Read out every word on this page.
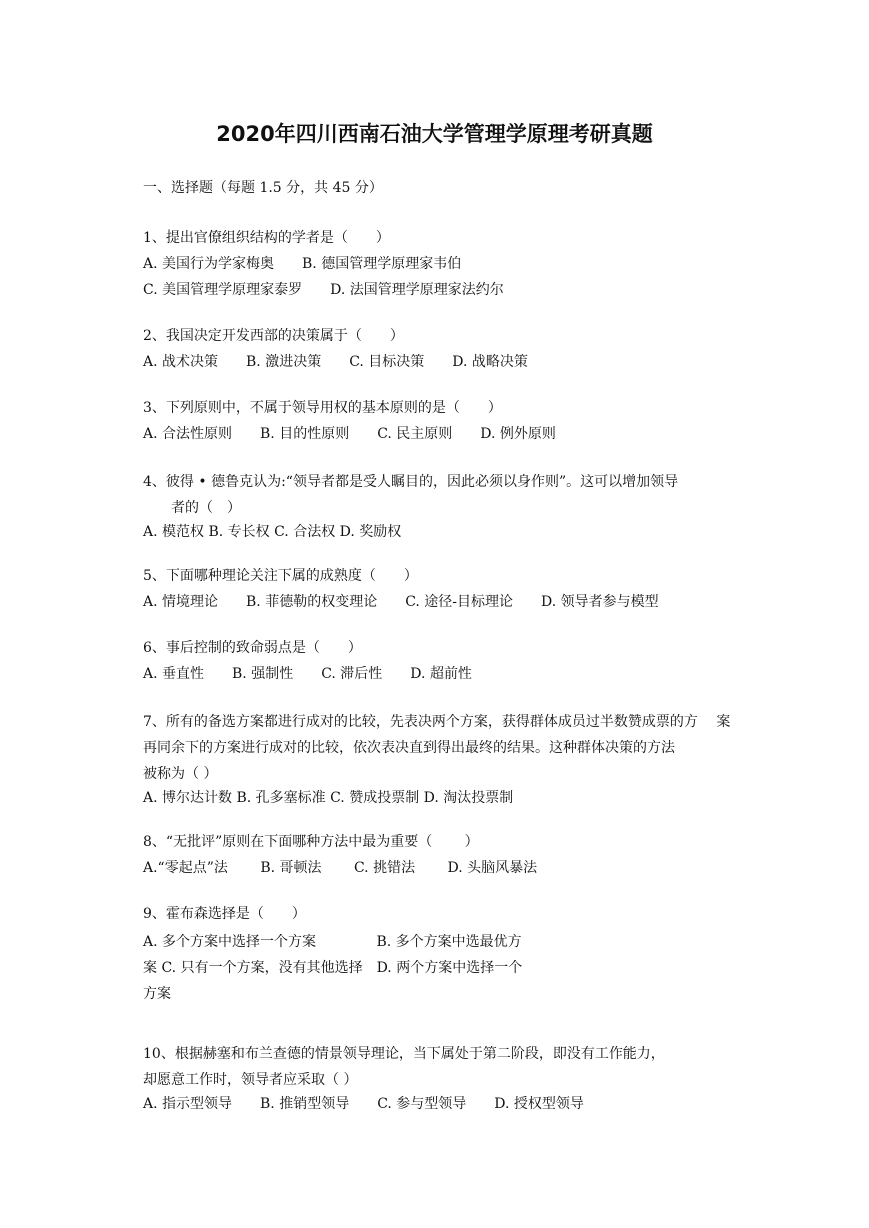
2020年四川西南石油大学管理学原理考研真题
一、选择题（每题 1.5 分，共 45 分）
1、提出官僚组织结构的学者是（　　）
A. 美国行为学家梅奥　　B. 德国管理学原理家韦伯
C. 美国管理学原理家泰罗　　D. 法国管理学原理家法约尔
2、我国决定开发西部的决策属于（　　）
A. 战术决策　　B. 激进决策　　C. 目标决策　　D. 战略决策
3、下列原则中，不属于领导用权的基本原则的是（　　）
A. 合法性原则　　B. 目的性原则　　C. 民主原则　　D. 例外原则
4、彼得 • 德鲁克认为:“领导者都是受人瞩目的，因此必须以身作则”。这可以增加领导
　　者的（　）
A. 模范权 B. 专长权 C. 合法权 D. 奖励权
5、下面哪种理论关注下属的成熟度（　　）
A. 情境理论　　B. 菲德勒的权变理论　　C. 途径-目标理论　　D. 领导者参与模型
6、事后控制的致命弱点是（　　）
A. 垂直性　　B. 强制性　　C. 滞后性　　D. 超前性
7、所有的备选方案都进行成对的比较，先表决两个方案，获得群体成员过半数赞成票的方　 案
再同余下的方案进行成对的比较，依次表决直到得出最终的结果。这种群体决策的方法
被称为（ ）
A. 博尔达计数 B. 孔多塞标准 C. 赞成投票制 D. 淘汰投票制
8、“无批评”原则在下面哪种方法中最为重要（　　 ）
A.“零起点”法　　 B. 哥顿法　　 C. 挑错法　　 D. 头脑风暴法
9、霍布森选择是（　　）
A. 多个方案中选择一个方案　　　　 B. 多个方案中选最优方
案 C. 只有一个方案，没有其他选择　D. 两个方案中选择一个
方案
10、根据赫塞和布兰查德的情景领导理论，当下属处于第二阶段，即没有工作能力，
却愿意工作时，领导者应采取（ ）
A. 指示型领导　　B. 推销型领导　　C. 参与型领导　　D. 授权型领导
